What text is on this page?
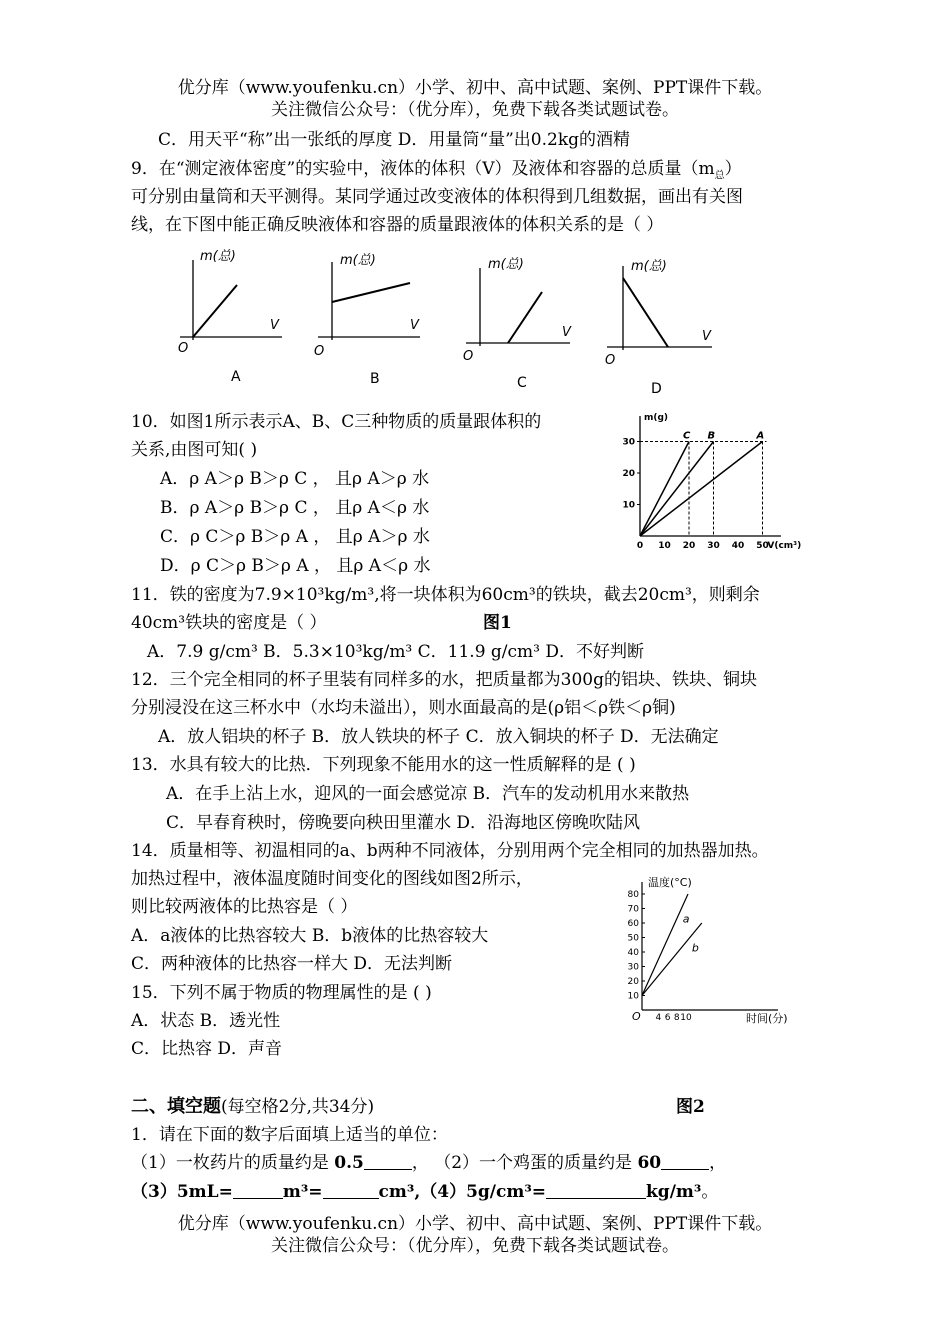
优分库（www.youfenku.cn）小学、初中、高中试题、案例、PPT课件下载。
关注微信公众号：（优分库），免费下载各类试题试卷。
C．用天平“称”出一张纸的厚度 D．用量筒“量”出0.2kg的酒精
9．在“测定液体密度”的实验中，液体的体积（V）及液体和容器的总质量$(m_总)$
可分别由量筒和天平测得。某同学通过改变液体的体积得到几组数据，画出有关图
线，在下图中能正确反映液体和容器的质量跟液体的体积关系的是（ ）
m(总)
V
O
A
m(总)
V
O
B
m(总)
V
O
C
m(总)
V
O
D
10．如图1所示表示A、B、C三种物质的质量跟体积的
关系,由图可知( )
A．ρ A＞ρ B＞ρ C ， 且ρ A＞ρ 水
B．ρ A＞ρ B＞ρ C ， 且ρ A＜ρ 水
C．ρ C＞ρ B＞ρ A ， 且ρ A＞ρ 水
D．ρ C＞ρ B＞ρ A ， 且ρ A＜ρ 水
m(g)
V(cm³)
0 10 20 30 40 50
10
20
30
C B	A
图1
11．铁的密度为7.9×10³kg/m³,将一块体积为60cm³的铁块，截去20cm³，则剩余
40cm³铁块的密度是（ ）
A．7.9 g/cm³ B．5.3×10³kg/m³ C．11.9 g/cm³ D．不好判断
12．三个完全相同的杯子里装有同样多的水，把质量都为300g的铝块、铁块、铜块
分别浸没在这三杯水中（水均未溢出），则水面最高的是(ρ铝＜ρ铁＜ρ铜)
A．放人铝块的杯子 B．放人铁块的杯子 C．放入铜块的杯子 D．无法确定
13．水具有较大的比热．下列现象不能用水的这一性质解释的是 ( )
A．在手上沾上水，迎风的一面会感觉凉 B．汽车的发动机用水来散热
C．早春育秧时，傍晚要向秧田里灌水 D．沿海地区傍晚吹陆风
14．质量相等、初温相同的a、b两种不同液体，分别用两个完全相同的加热器加热。
加热过程中，液体温度随时间变化的图线如图2所示，
则比较两液体的比热容是（ ）
A．a液体的比热容较大 B．b液体的比热容较大
C．两种液体的比热容一样大 D．无法判断
温度(°C)
时间(分)
O 4 6 8 10
10
20
30
40
50
60
70
80
a
b
15．下列不属于物质的物理属性的是 ( )
A．状态 B．透光性
C．比热容 D．声音
二、填空题(每空格2分,共34分)	图2
1．请在下面的数字后面填上适当的单位：
（1）一枚药片的质量约是 0.5	， （2）一个鸡蛋的质量约是 60	，
（3）5mL=	m³=	cm³,（4）5g/cm³=	kg/m³。
优分库（www.youfenku.cn）小学、初中、高中试题、案例、PPT课件下载。
关注微信公众号：（优分库），免费下载各类试题试卷。
